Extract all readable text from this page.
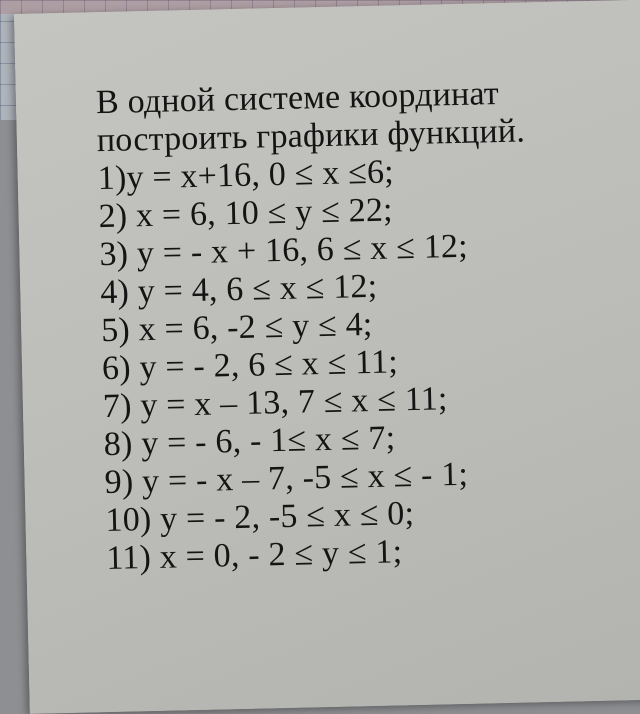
В одной системе координат
построить графики функций.
1)y = x+16, 0 ≤ x ≤6;
2) x = 6, 10 ≤ y ≤ 22;
3) y = - x + 16, 6 ≤ x ≤ 12;
4) y = 4, 6 ≤ x ≤ 12;
5) x = 6, -2 ≤ y ≤ 4;
6) y = - 2, 6 ≤ x ≤ 11;
7) y = x – 13, 7 ≤ x ≤ 11;
8) y = - 6, - 1≤ x ≤ 7;
9) y = - x – 7, -5 ≤ x ≤ - 1;
10) y = - 2, -5 ≤ x ≤ 0;
11) x = 0, - 2 ≤ y ≤ 1;
